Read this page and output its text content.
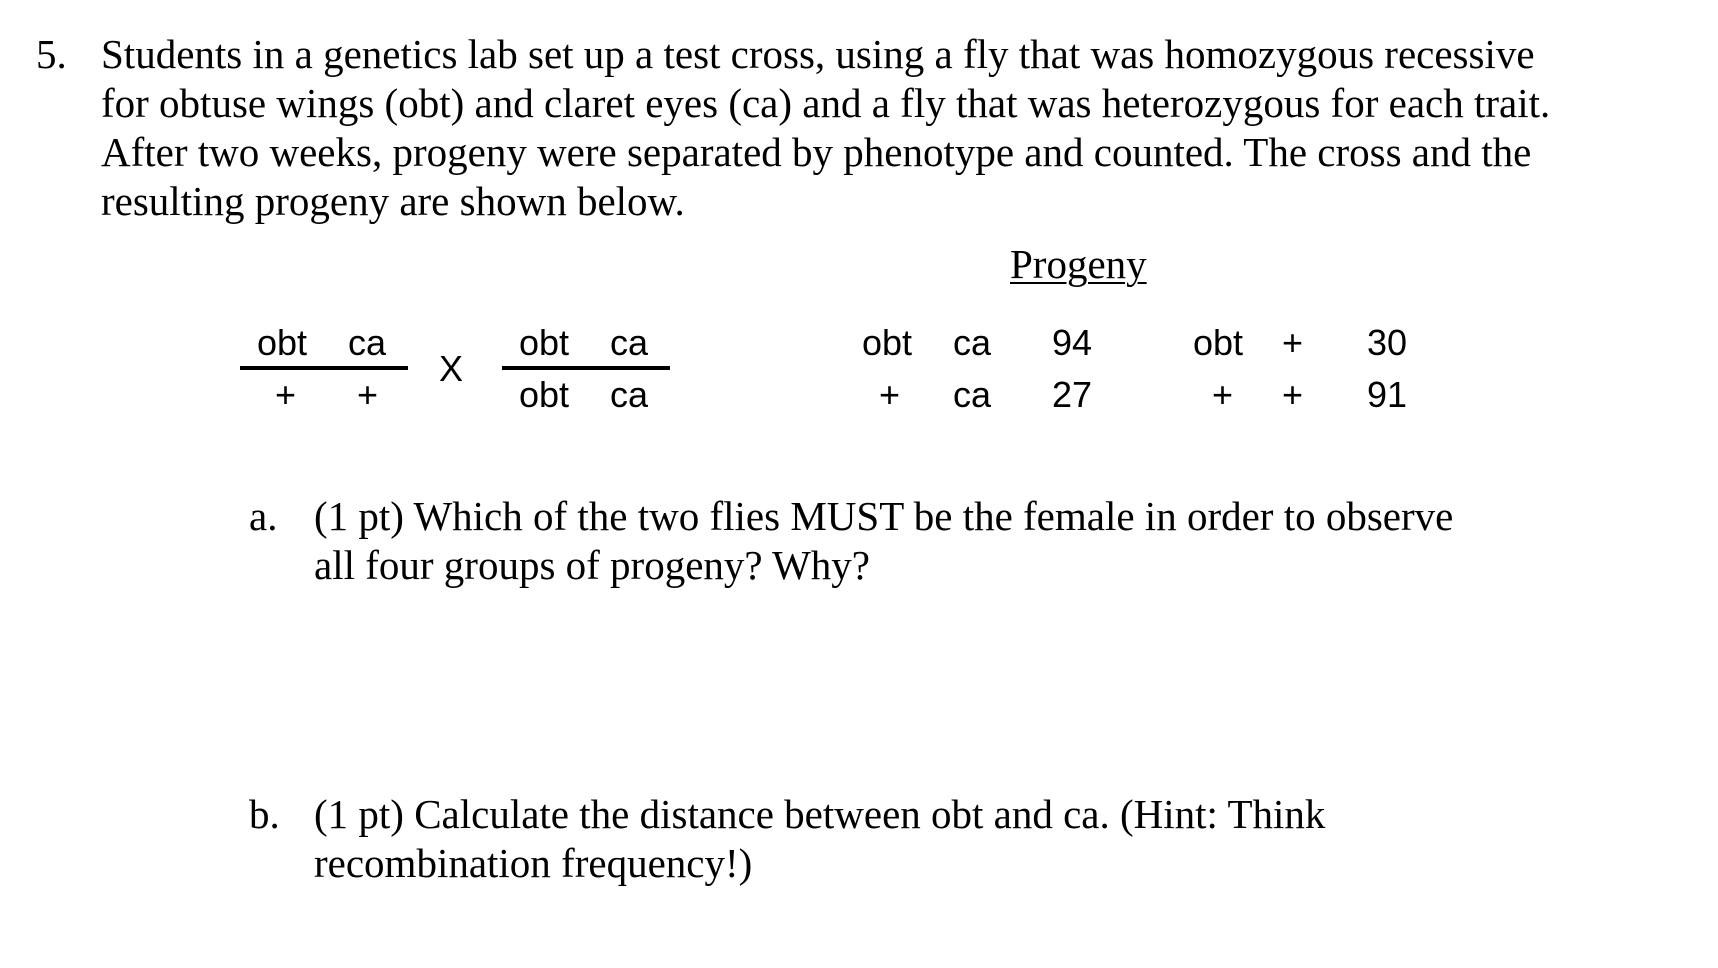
5. Students in a genetics lab set up a test cross, using a fly that was homozygous recessive
for obtuse wings (obt) and claret eyes (ca) and a fly that was heterozygous for each trait.
After two weeks, progeny were separated by phenotype and counted. The cross and the
resulting progeny are shown below.
Progeny
obt ca
+ +
X
obt ca
obt ca
obt ca 94
+ ca 27
obt + 30
+ + 91
a. (1 pt) Which of the two flies MUST be the female in order to observe
all four groups of progeny? Why?
b. (1 pt) Calculate the distance between obt and ca. (Hint: Think
recombination frequency!)
